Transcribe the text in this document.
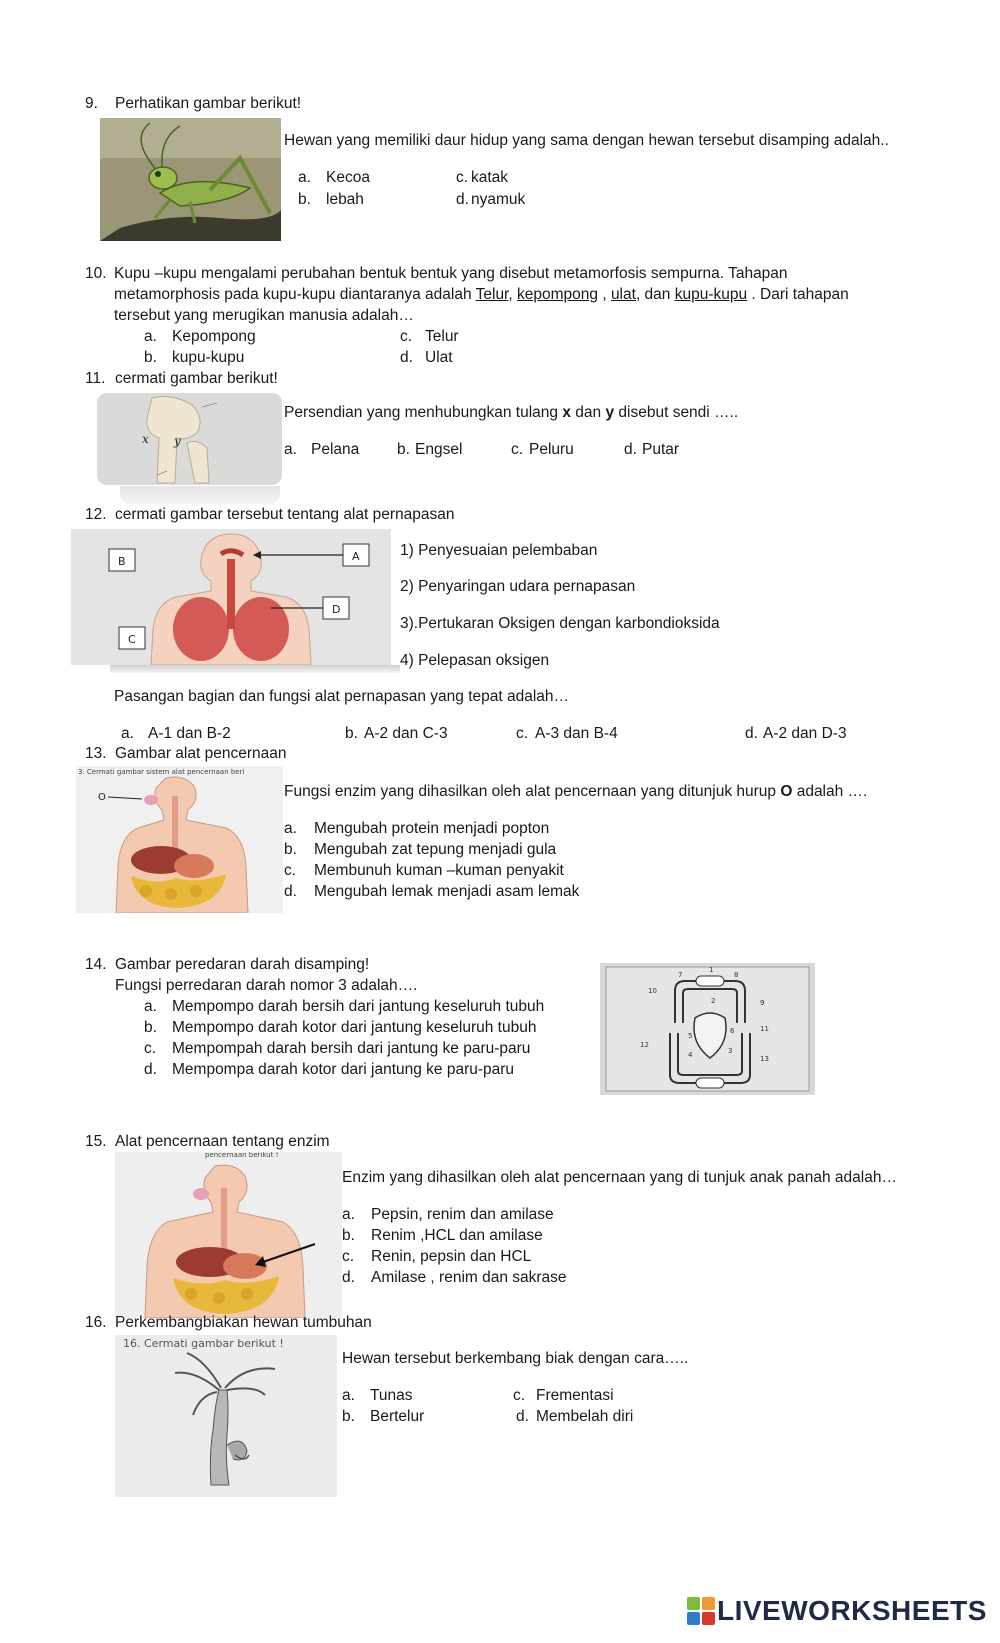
9. Perhatikan gambar berikut!
Hewan yang memiliki daur hidup yang sama dengan hewan tersebut disamping adalah..
a. Kecoa
b. lebah
c. katak
d. nyamuk
10. Kupu –kupu mengalami perubahan bentuk bentuk yang disebut metamorfosis sempurna. Tahapan
metamorphosis pada kupu-kupu diantaranya adalah Telur, kepompong , ulat, dan kupu-kupu . Dari tahapan
tersebut yang merugikan manusia adalah…
a. Kepompong
b. kupu-kupu
c. Telur
d. Ulat
11. cermati gambar berikut!
x y
Persendian yang menhubungkan tulang x dan y disebut sendi …..
a. Pelana b. Engsel	c. Peluru	d. Putar
12. cermati gambar tersebut tentang alat pernapasan
B	A
D
C
1) Penyesuaian pelembaban
2) Penyaringan udara pernapasan
3).Pertukaran Oksigen dengan karbondioksida
4) Pelepasan oksigen
Pasangan bagian dan fungsi alat pernapasan yang tepat adalah…
a. A-1 dan B-2	b. A-2 dan C-3	c. A-3 dan B-4	d. A-2 dan D-3
13. Gambar alat pencernaan
3. Cermati gambar sistem alat pencernaan beri
O	Fungsi enzim yang dihasilkan oleh alat pencernaan yang ditunjuk hurup O adalah ….
a. Mengubah protein menjadi popton
b. Mengubah zat tepung menjadi gula
c. Membunuh kuman –kuman penyakit
d. Mengubah lemak menjadi asam lemak
14. Gambar peredaran darah disamping!
Fungsi perredaran darah nomor 3 adalah….
a. Mempompo darah bersih dari jantung keseluruh tubuh
b. Mempompo darah kotor dari jantung keseluruh tubuh
c. Mempompah darah bersih dari jantung ke paru-paru
d. Mempompa darah kotor dari jantung ke paru-paru
1
2
3
4
5
6
7	8
9
10
11
12
13
15. Alat pencernaan tentang enzim
pencernaan berikut !
Enzim yang dihasilkan oleh alat pencernaan yang di tunjuk anak panah adalah…
a. Pepsin, renim dan amilase
b. Renim ,HCL dan amilase
c. Renin, pepsin dan HCL
d. Amilase , renim dan sakrase
16. Perkembangbiakan hewan tumbuhan
16. Cermati gambar berikut !
Hewan tersebut berkembang biak dengan cara…..
a. Tunas
b. Bertelur
c. Frementasi
d. Membelah diri
LIVEWORKSHEETS
